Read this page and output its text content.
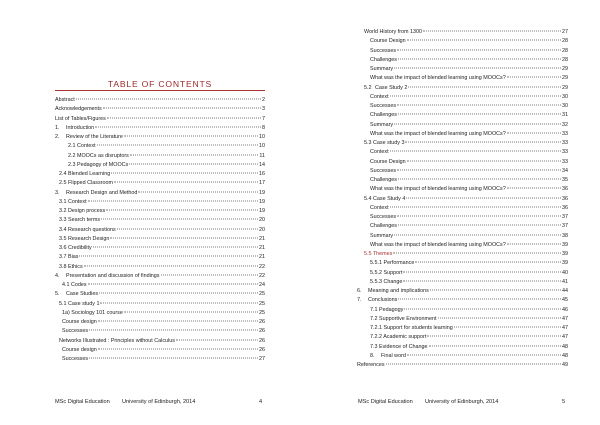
TABLE OF CONTENTS
Abstract	2
Acknowledgements	3
List of Tables/Figures	7
1.	Introduction	8
2.	Review of the Literature	10
2.1 Context	10
2.2 MOOCs as disruptors	11
2.3 Pedagogy of MOOCs	14
2.4 Blended Learning	16
2.5 Flipped Classroom	17
3.	Research Design and Method	19
3.1 Context	19
3.2 Design process	19
3.3 Search terms	20
3.4 Research questions	20
3.5 Research Design	21
3.6 Credibility	21
3.7 Bias	21
3.8 Ethics	22
4.	Presentation and discussion of findings	22
4.1 Codes	24
5.	Case Studies	25
5.1 Case study 1	25
1a) Sociology 101 course	25
Course design	26
Successes	26
Networks Illustrated : Principles without Calculus	26
Course design	26
Successes	27
MSc Digital Education University of Edinburgh, 2014	4
World History from 1300	27
Course Design	28
Successes	28
Challenges	28
Summary	29
What was the impact of blended learning using MOOCs?	29
5.2 Case Study 2	29
Context	30
Successes	30
Challenges	31
Summary	32
What was the impact of blended learning using MOOCs?	33
5.3 Case study 3	33
Context	33
Course Design	33
Successes	34
Challenges	35
What was the impact of blended learning using MOOCs?	36
5.4 Case Study 4	36
Context	36
Successes	37
Challenges	37
Summary	38
What was the impact of blended learning using MOOCs?	39
5.5 Themes	39
5.5.1 Performance	39
5.5.2 Support	40
5.5.3 Change	41
6.	Meaning and implications	44
7.	Conclusions	45
7.1 Pedagogy	46
7.2 Supportive Environment	47
7.2.1 Support for students learning	47
7.2.2 Academic support	47
7.3 Evidence of Change	48
8.	Final word	48
References	49
MSc Digital Education University of Edinburgh, 2014	5
